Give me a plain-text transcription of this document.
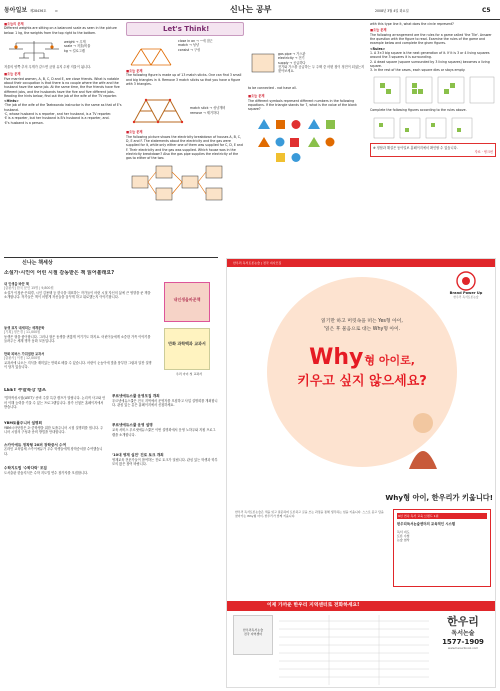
동아일보 제28436호	⊙	신나는 공부	2008년 3월 4일 화요일	C5
■오늘의 문제
Different weights are sitting on a balanced scale as seen in the picture below. 1 kg, the weights from the top right to the bottom.
weight → 무게
scale → 저울/비율
kg → 킬로그램
저울의 양쪽 추의 무게가 같으면 균형 유지 수평 저울이 됩니다.
■오늘 문제
Five married women, A, B, C, D and E, are close friends. What is notable about their occupation is that there is no couple where the wife and the husband have the same job. At the same time, the five friends have five different jobs, and the husbands have the five and five different jobs. Reading the hints below, find out the job of the wife of the TV reporter.
<Hints>
·The job of the wife of the Taekwondo instructor is the same as that of E's husband.
·C, whose husband is a reporter, and her husband, is a TV reporter.
·E is a reporter, but her husband is B's husband is a reporter, and.
·E's husband is a person.
Let's Think!
close in on → ~에 접근
match → 성냥
consist → 구성
■오늘 문제
The following figure is made up of 13 match sticks. One can find 3 small and big triangles in it. Remove 3 match sticks so that you have a figure with 3 triangles.
match stick → 성냥개비
remove → 제거하다
■오늘 문제
The following picture shows the electricity breakdown of houses A, B, C, D, E and F. The statements about the electricity and the gas were supplied for it, while only either one of them was supplied for C, D, E and F. Their electricity and the gas was supplied. Which house was in the electricity breakdown? Also the gas pipe supplies the electricity of the gas to either of the two.
gas pipe → 가스관
electricity → 전기
supply → 공급하다
전기와 가스를 공급하는 두 주택 중 어떤 집이 정전이 되었는지 찾아보세요.
to be connected - not have all.
■오늘 문제
The different symbols represent different numbers in the following equations. If the triangle stands for 7, what is the value of the blank square?
with this type line it, what does the circle represent?
■오늘 문제
The following arrangement are the rules for a game called 'the Tile'. Answer the question with the figure to read. Examine the rules of the game and example below and complete the given figures.
<Rules>
1. A 3×3 big square is the next generation of it. If it is 3 or 4 living squares around the 3 squares it is surrounding.
2. A dead square (square surrounded by 3 living squares) becomes a living square.
3. In the rest of the cases, each square dies or stays empty.
Complete the following figures according to the rules above.
※ 정답과 해설은 동아일보 홈페이지에서 확인할 수 있습니다.
자료 · 씽크펀
신나는 책세상
소설가·시인이 어린 시절 감동받은 책 읽어볼래요?
내 인생을 바꾼 책
[출판사] 한국 문인 15명 | 9,800원
소설가 이청준·은희경, 시인 김용택 등 한국을 대표하는 작가들이 어린 시절 자신의 삶에 큰 영향을 준 책을 소개합니다. 작가들은 책이 어떻게 자신들을 꿈꾸게 하고 위로했는지 이야기합니다.
내인생을바꾼책
동생 표지 대세리는 세계문학
[기획] 정은경 | 11,000원
동생은 형을 좋아합니다. 그러나 형은 동생을 귀찮게 여기기도 하지요. 어린이들에게 소중한 가족 이야기를 들려주는 세계 명작 동화 모음입니다.
만화 피버스 가위질한 교과서
[출판사] 이젠 | 12,000원
교과서에 나오는 지식을 재미있는 만화로 배울 수 있습니다. 어린이 눈높이에 맞춘 풍부한 그림과 알찬 설명이 담겨 있습니다.
만화 과학백과 교과서
우리 아이 첫 교과서
LEET 주말특강 캠프
'법학적성시험(LEET)' 준비 주말 특강 캠프가 열립니다. 논리적 사고와 언어 이해 능력을 키울 수 있는 프로그램입니다. 참가 신청은 홈페이지에서 받습니다.
YBM토플주니어 설명회
YBM시사닷컴은 초·중학생을 위한 토플주니어 시험 설명회를 엽니다. 주니어 시험의 구성과 준비 방법을 안내합니다.
스카이에듀 정착형 20퍼 장학증서 수여
온라인 교육업체 스카이에듀가 우수 학생들에게 장학증서를 수여했습니다.
수학지도법 '수학다락' 모집
도서출판 한숲지식은 수학 지도법 연수 참가자를 모집합니다.
푸르넷에듀스쿨 운영모집 개최
푸르넷에듀스쿨은 전국 지역에서 운영자를 모집하고 사업 설명회를 개최합니다. 관심 있는 분은 홈페이지에서 신청하세요.
푸르넷에듀스쿨 운영 설명
교육 서비스 푸르넷에듀스쿨은 이번 설명회에서 운영 노하우와 지원 프로그램을 소개합니다.
'10대 영재 실전' 진로 토크 개최
영재교육 전문가들이 참여하는 진로 토크가 열립니다. 관심 있는 학생과 학부모의 많은 참여 바랍니다.
한우리 독서토론논술 | 전국 지사모집
Brand Power Up
한우리 독서토론논술
읽기만 하고 머릿속을 떠는 Yes형 아이,
'읽은 후 물음으로 대는 Why형 아이.
Why 형 아이로,
키우고 싶지 않으세요?
Why형 아이, 한우리가 키웁니다!
한우리 독서토론논술은 책을 읽고 질문하며 토론하고 글을 쓰는 과정을 통해 생각하는 힘을 키웁니다. 스스로 묻고 답을 찾아가는 Why형 아이, 한우리가 함께 키웁니다.	9년 연속 독서 교육 브랜드 1위
한우리독서논술센터의 교육적인 시스템
독서 지도
토론 수업
논술 첨삭
이제 가까운 한우리 지역센터로 전화하세요!
한우리독서논술
전국 지역센터
한우리
독서논술
1577-1909
www.hanuribook.com
